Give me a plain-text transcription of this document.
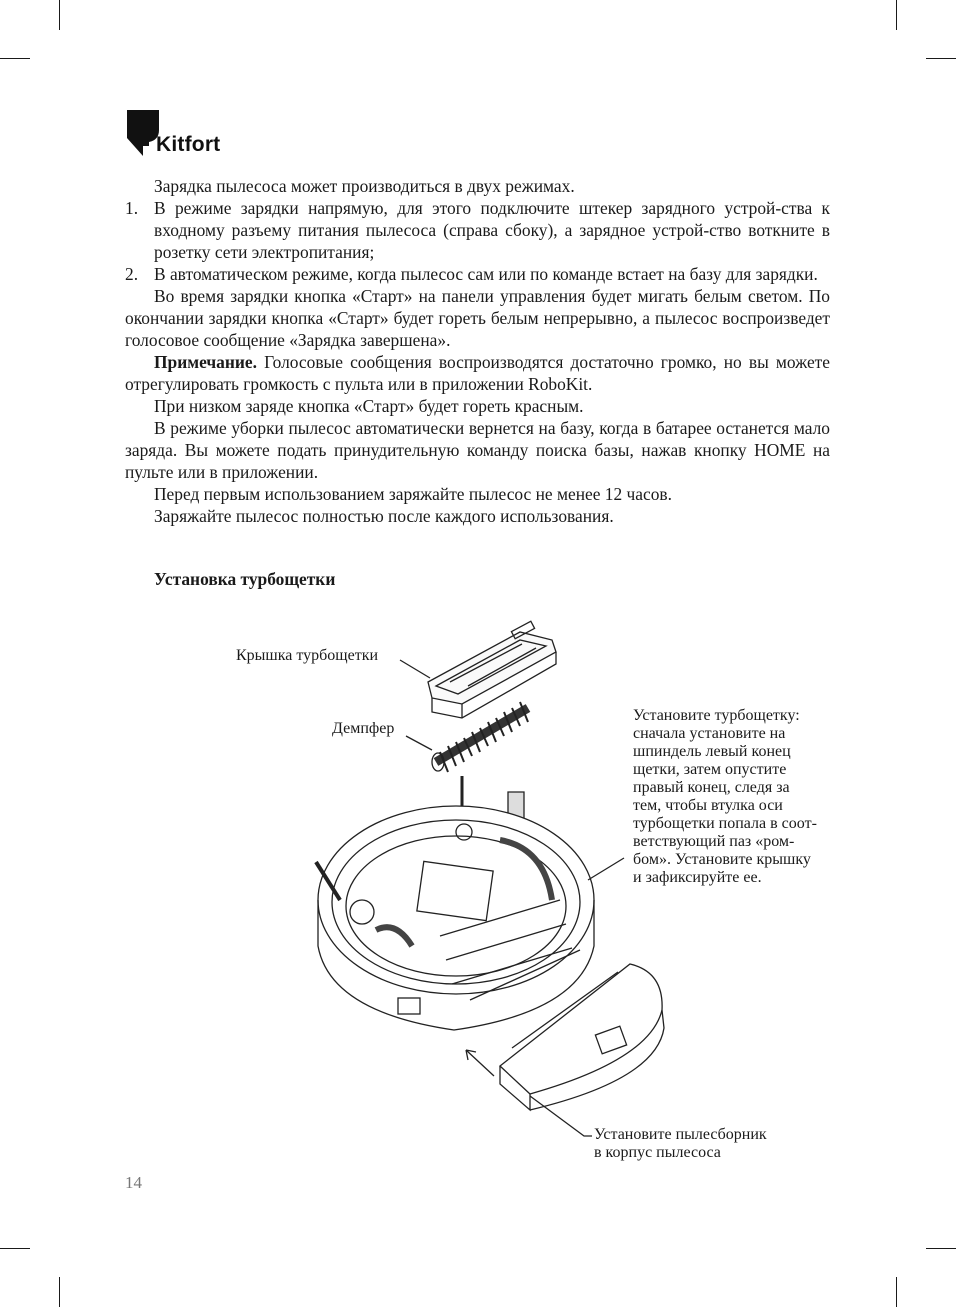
Kitfort

Зарядка пылесоса может производиться в двух режимах.

1. В режиме зарядки напрямую, для этого подключите штекер зарядного устрой-ства к входному разъему питания пылесоса (справа сбоку), а зарядное устрой-ство воткните в розетку сети электропитания;
2. В автоматическом режиме, когда пылесос сам или по команде встает на базу для зарядки.

Во время зарядки кнопка «Старт» на панели управления будет мигать белым светом. По окончании зарядки кнопка «Старт» будет гореть белым непрерывно, а пылесос воспроизведет голосовое сообщение «Зарядка завершена».

Примечание. Голосовые сообщения воспроизводятся достаточно громко, но вы можете отрегулировать громкость с пульта или в приложении RoboKit.

При низком заряде кнопка «Старт» будет гореть красным.

В режиме уборки пылесос автоматически вернется на базу, когда в батарее останется мало заряда. Вы можете подать принудительную команду поиска базы, нажав кнопку HOME на пульте или в приложении.

Перед первым использованием заряжайте пылесос не менее 12 часов.

Заряжайте пылесос полностью после каждого использования.

Установка турбощетки
Крышка турбощетки
Демпфер
Установите турбощетку:
сначала установите на
шпиндель левый конец
щетки, затем опустите
правый конец, следя за
тем, чтобы втулка оси
турбощетки попала в соот-
ветствующий паз «ром-
бом». Установите крышку
и зафиксируйте ее.
Установите пылесборник
в корпус пылесоса
14
